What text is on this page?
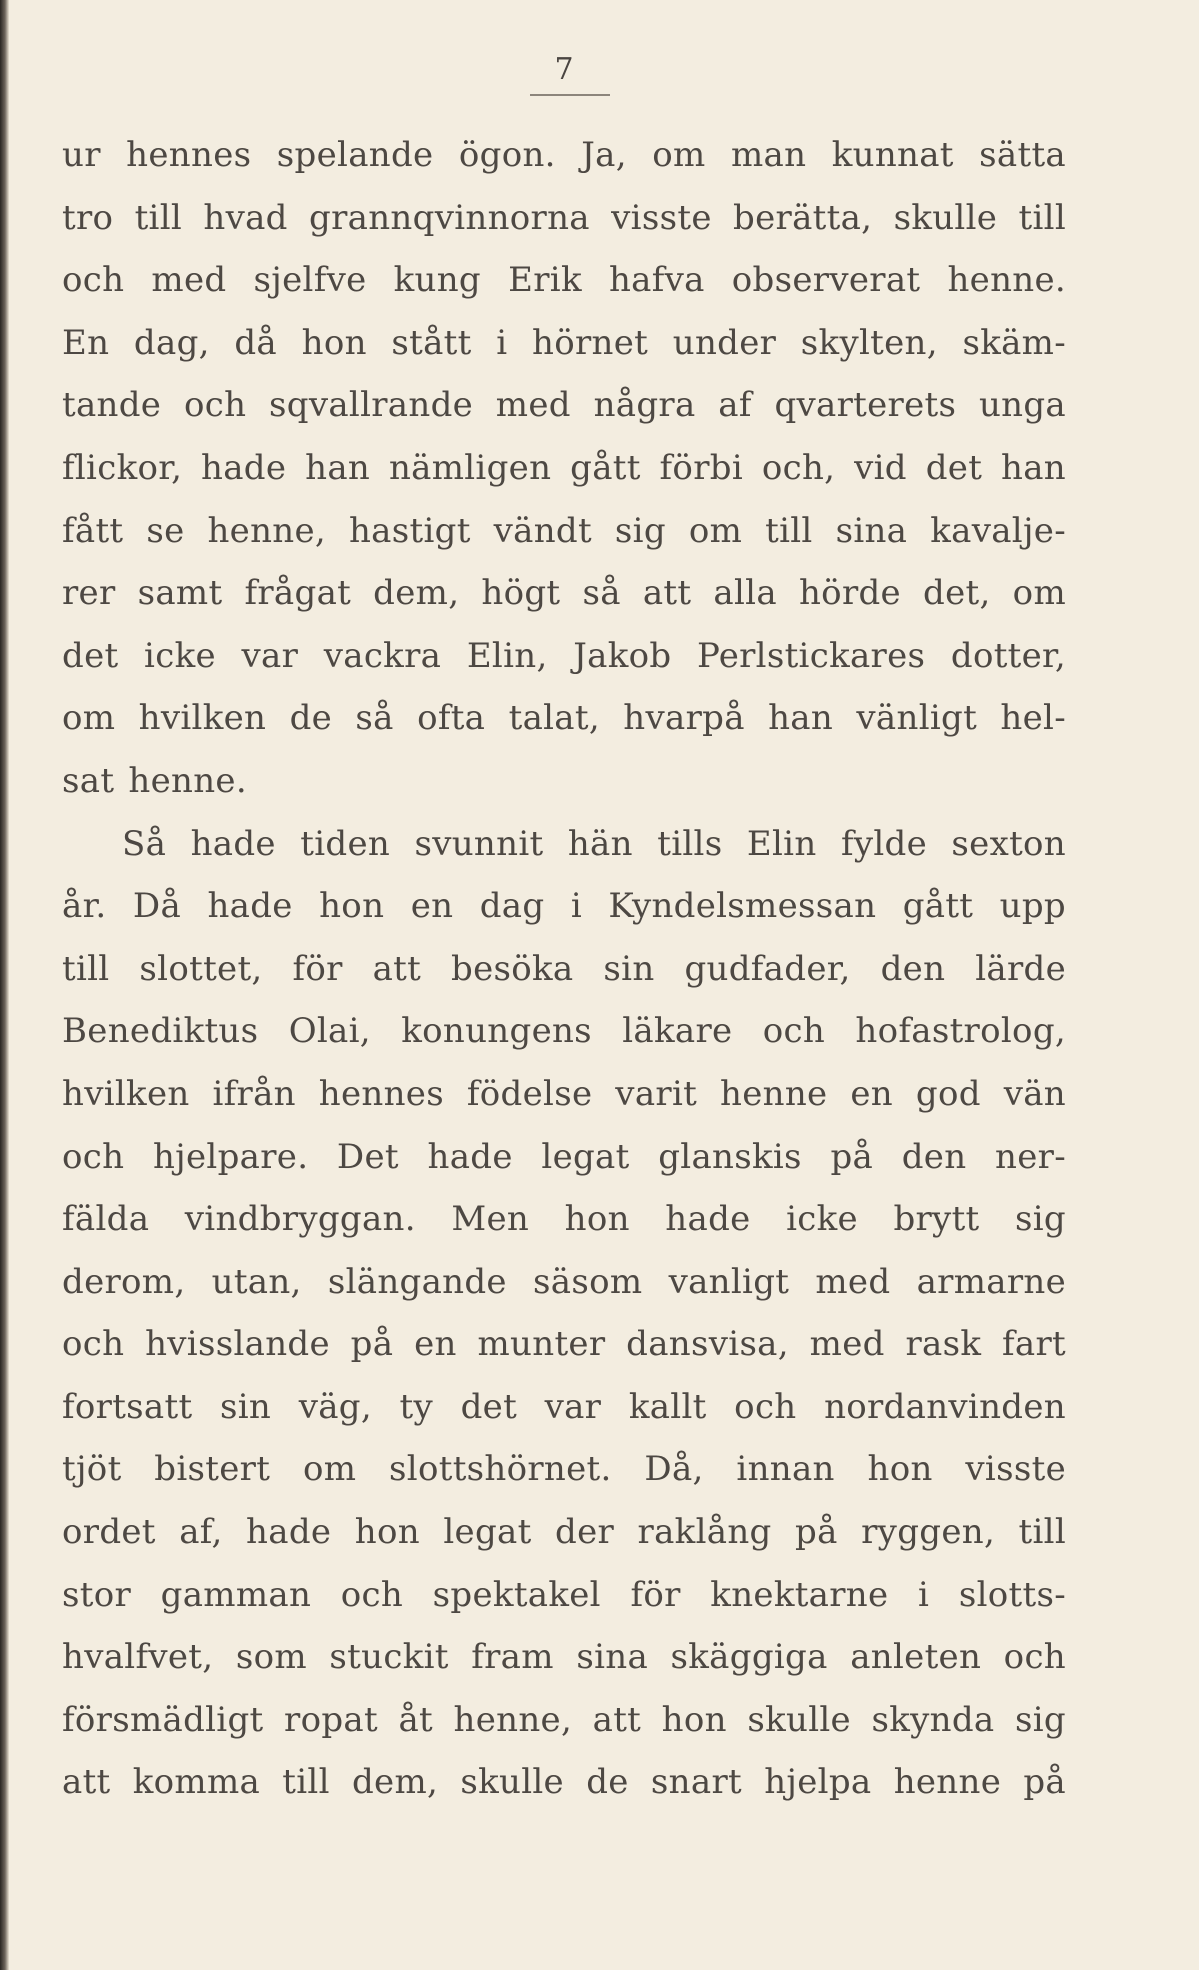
7
ur hennes spelande ögon. Ja, om man kunnat sätta
tro till hvad grannqvinnorna visste berätta, skulle till
och med sjelfve kung Erik hafva observerat henne.
En dag, då hon stått i hörnet under skylten, skäm-
tande och sqvallrande med några af qvarterets unga
flickor, hade han nämligen gått förbi och, vid det han
fått se henne, hastigt vändt sig om till sina kavalje-
rer samt frågat dem, högt så att alla hörde det, om
det icke var vackra Elin, Jakob Perlstickares dotter,
om hvilken de så ofta talat, hvarpå han vänligt hel-
sat henne.
Så hade tiden svunnit hän tills Elin fylde sexton
år. Då hade hon en dag i Kyndelsmessan gått upp
till slottet, för att besöka sin gudfader, den lärde
Benediktus Olai, konungens läkare och hofastrolog,
hvilken ifrån hennes födelse varit henne en god vän
och hjelpare. Det hade legat glanskis på den ner-
fälda vindbryggan. Men hon hade icke brytt sig
derom, utan, slängande säsom vanligt med armarne
och hvisslande på en munter dansvisa, med rask fart
fortsatt sin väg, ty det var kallt och nordanvinden
tjöt bistert om slottshörnet. Då, innan hon visste
ordet af, hade hon legat der raklång på ryggen, till
stor gamman och spektakel för knektarne i slotts-
hvalfvet, som stuckit fram sina skäggiga anleten och
försmädligt ropat åt henne, att hon skulle skynda sig
att komma till dem, skulle de snart hjelpa henne på
